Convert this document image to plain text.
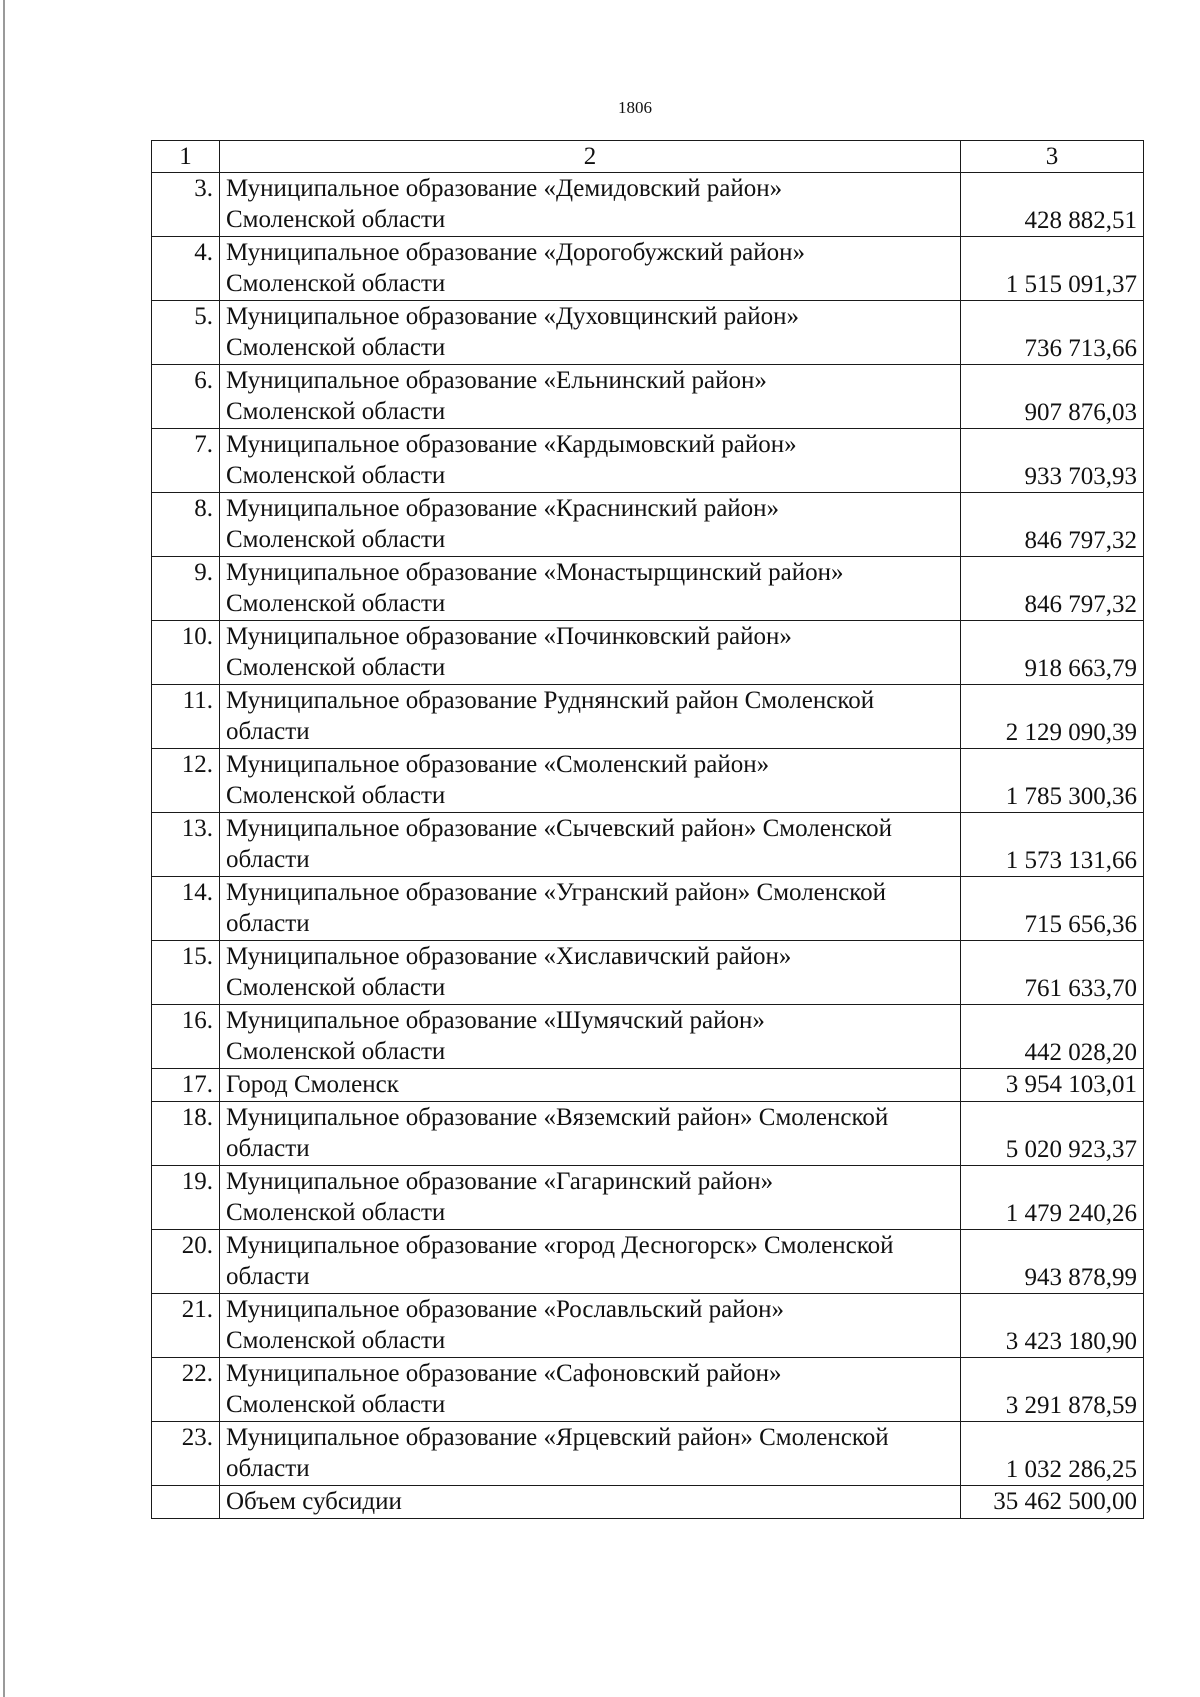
1806
1	2	3
3.	Муниципальное образование «Демидовский район»
Смоленской области	428 882,51
4.	Муниципальное образование «Дорогобужский район»
Смоленской области	1 515 091,37
5.	Муниципальное образование «Духовщинский район»
Смоленской области	736 713,66
6.	Муниципальное образование «Ельнинский район»
Смоленской области	907 876,03
7.	Муниципальное образование «Кардымовский район»
Смоленской области	933 703,93
8.	Муниципальное образование «Краснинский район»
Смоленской области	846 797,32
9.	Муниципальное образование «Монастырщинский район»
Смоленской области	846 797,32
10.	Муниципальное образование «Починковский район»
Смоленской области	918 663,79
11.	Муниципальное образование Руднянский район Смоленской
области	2 129 090,39
12.	Муниципальное образование «Смоленский район»
Смоленской области	1 785 300,36
13.	Муниципальное образование «Сычевский район» Смоленской
области	1 573 131,66
14.	Муниципальное образование «Угранский район» Смоленской
области	715 656,36
15.	Муниципальное образование «Хиславичский район»
Смоленской области	761 633,70
16.	Муниципальное образование «Шумячский район»
Смоленской области	442 028,20
17.	Город Смоленск	3 954 103,01
18.	Муниципальное образование «Вяземский район» Смоленской
области	5 020 923,37
19.	Муниципальное образование «Гагаринский район»
Смоленской области	1 479 240,26
20.	Муниципальное образование «город Десногорск» Смоленской
области	943 878,99
21.	Муниципальное образование «Рославльский район»
Смоленской области	3 423 180,90
22.	Муниципальное образование «Сафоновский район»
Смоленской области	3 291 878,59
23.	Муниципальное образование «Ярцевский район» Смоленской
области	1 032 286,25

	Объем субсидии	35 462 500,00
